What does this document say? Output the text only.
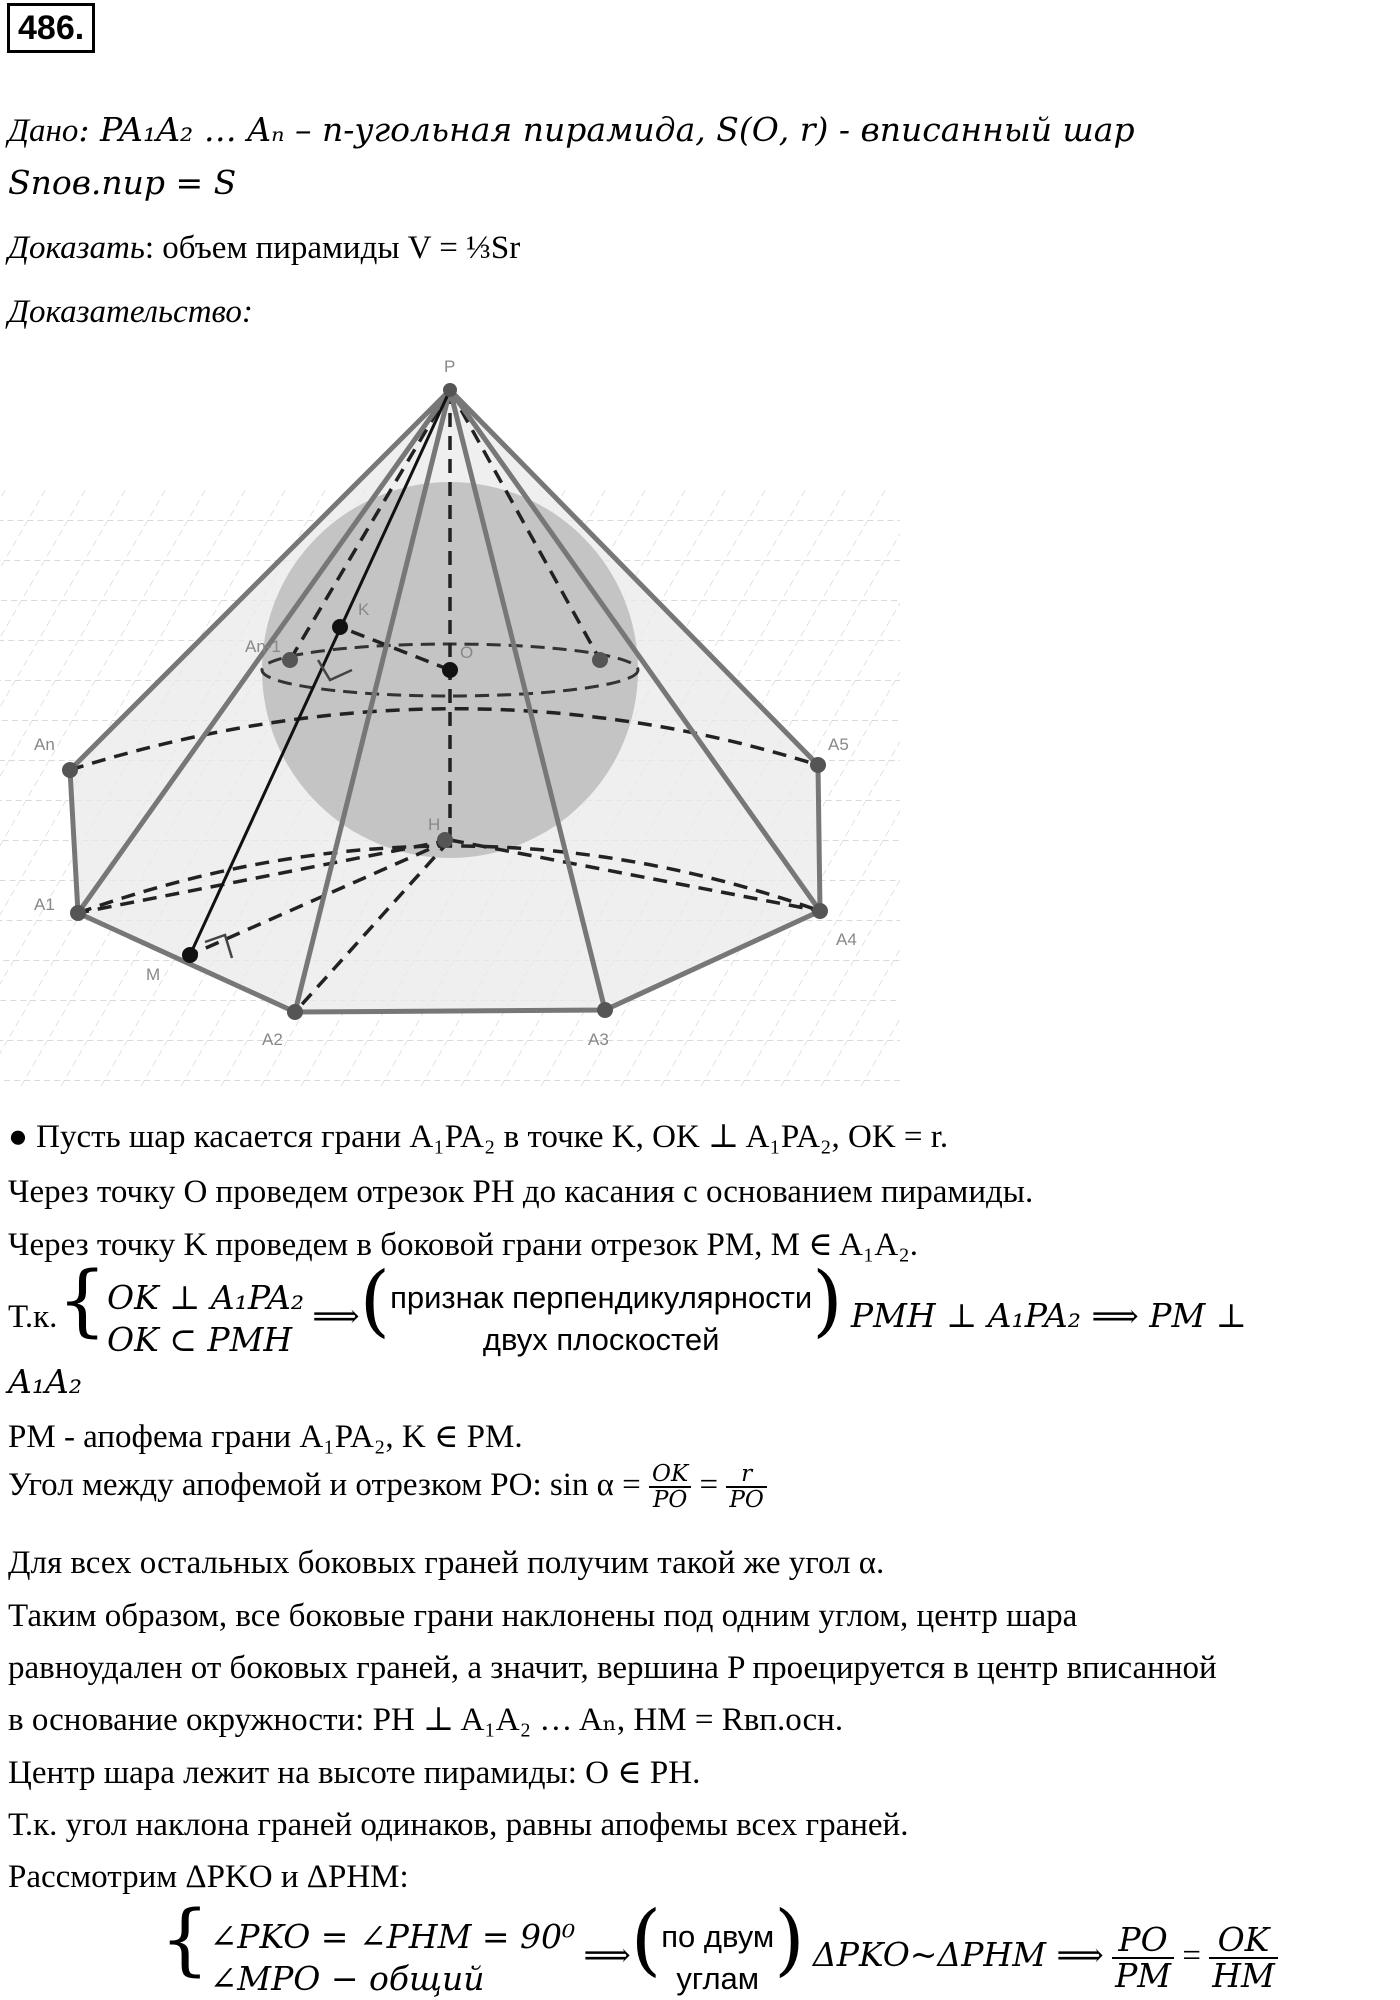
486.
Дано: PA₁A₂ … Aₙ – n-угольная пирамида, 𝑆(𝑂, 𝑟) - вписанный шар
Sпов.пир = S
Доказать: объем пирамиды V = ⅓Sr
Доказательство:
P
K
O
H
M
An-1
A5
An
A1
A2	A3
A4
● Пусть шар касается грани A₁PA₂ в точке K, OK ⊥ A₁PA₂, OK = r.
Через точку O проведем отрезок PH до касания с основанием пирамиды.
Через точку K проведем в боковой грани отрезок PM, M ∈ A₁A₂.
Т.к.{ OK ⊥ A₁PA₂
OK ⊂ PMH
⟹( признак перпендикулярности
двух плоскостей	) PMH ⊥ A₁PA₂ ⟹ PM ⊥
A₁A₂
PM - апофема грани A₁PA₂, K ∈ PM.
Угол между апофемой и отрезком PO: $\sin \alpha = \frac{OK}{PO} = \frac{r}{PO}$
Для всех остальных боковых граней получим такой же угол α.
Таким образом, все боковые грани наклонены под одним углом, центр шара
равноудален от боковых граней, а значит, вершина P проецируется в центр вписанной
в основание окружности: PH ⊥ A₁A₂ … Aₙ, HM = Rвп.осн.
Центр шара лежит на высоте пирамиды: O ∈ PH.
Т.к. угол наклона граней одинаков, равны апофемы всех граней.
Рассмотрим ΔPKO и ΔPHM:
{ ∠PKO = ∠PHM = 90⁰
∠MPO − общий
⟹( по двум
углам ) ΔPKO~ΔPHM ⟹ $\frac{PO}{PM} = \frac{OK}{HM}$
